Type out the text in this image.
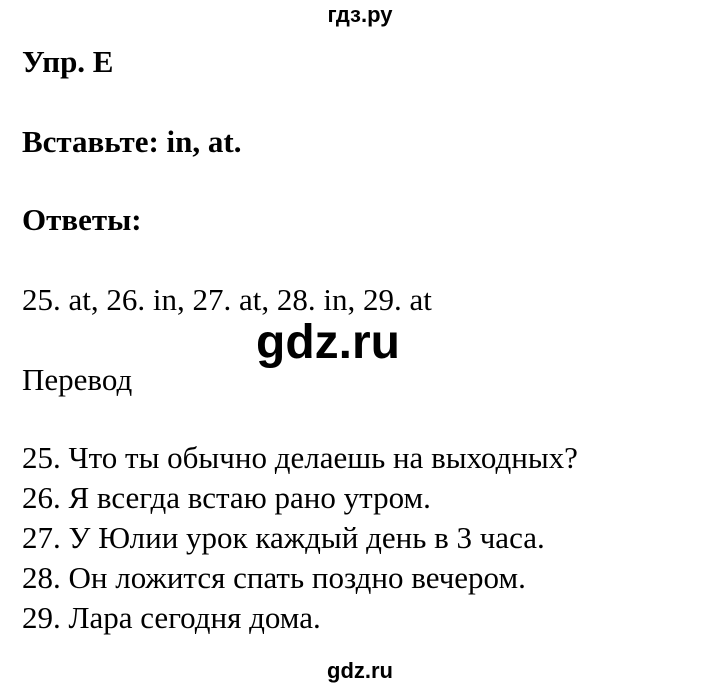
гдз.ру
Упр. E
Вставьте: in, at.
Ответы:
25. at, 26. in, 27. at, 28. in, 29. at
gdz.ru
Перевод
25. Что ты обычно делаешь на выходных?
26. Я всегда встаю рано утром.
27. У Юлии урок каждый день в 3 часа.
28. Он ложится спать поздно вечером.
29. Лара сегодня дома.
gdz.ru
